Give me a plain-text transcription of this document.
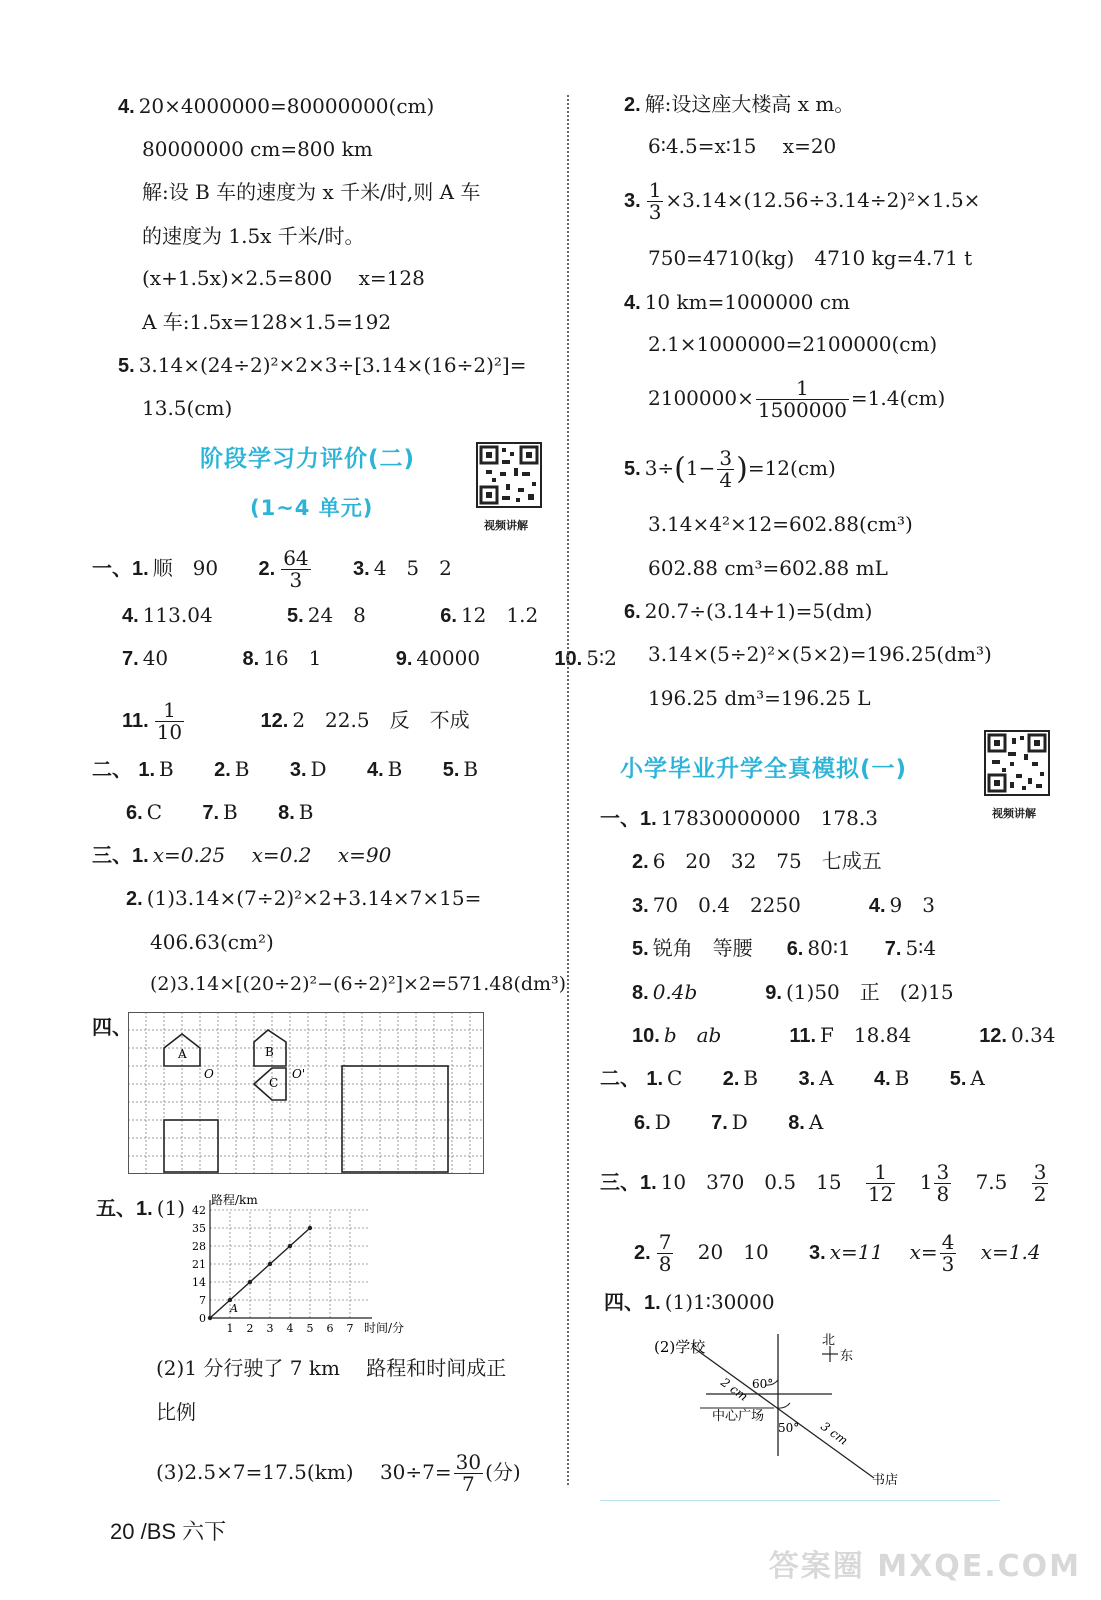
4. 20×4000000=80000000(cm)
80000000 cm=800 km
解:设 B 车的速度为 x 千米/时,则 A 车
的速度为 1.5x 千米/时。
(x+1.5x)×2.5=800　 x=128
A 车:1.5x=128×1.5=192
5. 3.14×(24÷2)²×2×3÷[3.14×(16÷2)²]=
13.5(cm)
阶段学习力评价(二)
(1~4 单元)
视频讲解
一、1. 顺　90 2. $\frac{64}{3} 3$. 4　5　2
4. 113.04	5. 24　8	6. 12　1.2
7. 40	8. 16　1	9. 40000	10. 5∶2
11. $\frac{1}{10}$	12. 2　22.5　反　不成
二、 1. B 2. B 3. D 4. B 5. B
6. C 7. B 8. B
三、1. x=0.25　 x=0.2　 x=90
2. (1)3.14×(7÷2)²×2+3.14×7×15=
406.63(cm²)
(2)3.14×[(20÷2)²−(6÷2)²]×2=571.48(dm³)
四、
A	B
C
O	O'
五、1. (1)
0
7
14
21
28
35
42
1 2 3 4 5 6 7
路程/km
时间/分
A
(2)1 分行驶了 7 km　 路程和时间成正
比例
(3)2.5×7=17.5(km)　 $30\div 7= \frac{30}{7}$ (分)
2. 解:设这座大楼高 x m。
6∶4.5=x∶15　 x=20
3. $\frac{1}{3} \times 3.14\times(12.56\div 3.14\div 2)^2\times 1.5\times$
750=4710(kg)　4710 kg=4.71 t
4. 10 km=1000000 cm
2.1×1000000=2100000(cm)
$2100000\times \frac{1}{1500000} =1.4(cm)$
5. $3\div(1- \frac{3}{4} )=12(cm)$
3.14×4²×12=602.88(cm³)
602.88 cm³=602.88 mL
6. 20.7÷(3.14+1)=5(dm)
3.14×(5÷2)²×(5×2)=196.25(dm³)
196.25 dm³=196.25 L
小学毕业升学全真模拟(一)
视频讲解
一、1. 17830000000　178.3
2. 6　20　32　75　七成五
3. 70　0.4　2250	4. 9　3
5. 锐角　等腰 6. 80∶1 7. 5∶4
8. 0.4b	9. (1)50　正　(2)15
10. b　ab	11. F　18.84	12. 0.34
二、 1. C 2. B 3. A 4. B 5. A
6. D 7. D 8. A
三、1. 10　370　0.5　$15 \frac{1}{12} 1 \frac{3}{8} 7.5 \frac{3}{2}$
2. $\frac{7}{8} 20$　10 3. x=11　 $x= \frac{4}{3} x=1.4$
四、1. (1)1∶30000
(2)学校	北
东
中心广场
书店
2 cm
3 cm
60°
50°
20 /BS 六下
答案圈 MXQE.COM
